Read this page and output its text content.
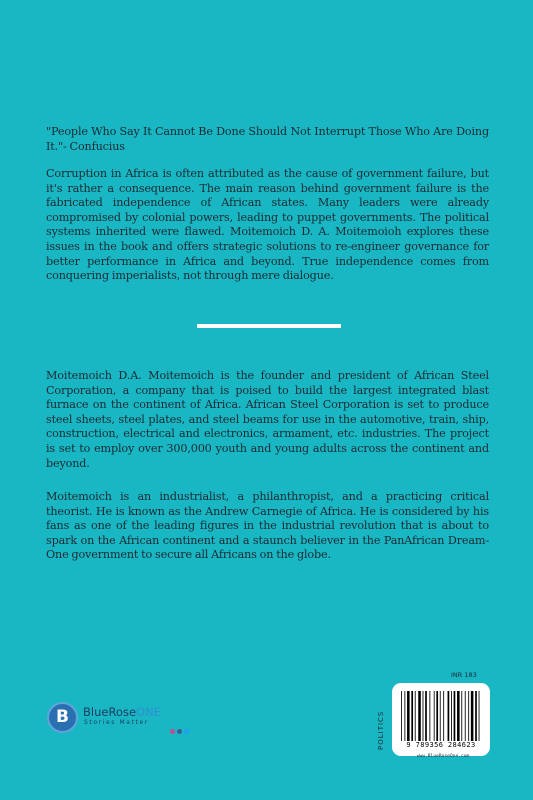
"People Who Say It Cannot Be Done Should Not Interrupt Those Who Are Doing It."- Confucius

Corruption in Africa is often attributed as the cause of government failure, but it's rather a consequence. The main reason behind government failure is the fabricated independence of African states. Many leaders were already compromised by colonial powers, leading to puppet governments. The political systems inherited were flawed. Moitemoich D. A. Moitemoioh explores these issues in the book and offers strategic solutions to re-engineer governance for better performance in Africa and beyond. True independence comes from conquering imperialists, not through mere dialogue.

Moitemoich D.A. Moitemoich is the founder and president of African Steel Corporation, a company that is poised to build the largest integrated blast furnace on the continent of Africa. African Steel Corporation is set to produce steel sheets, steel plates, and steel beams for use in the automotive, train, ship, construction, electrical and electronics, armament, etc. industries. The project is set to employ over 300,000 youth and young adults across the continent and beyond.

Moitemoich is an industrialist, a philanthropist, and a practicing critical theorist. He is known as the Andrew Carnegie of Africa. He is considered by his fans as one of the leading figures in the industrial revolution that is about to spark on the African continent and a staunch believer in the PanAfrican Dream-One government to secure all Africans on the globe.

B	BlueRoseONE
Stories Matter
INR 183
POLITICS	9 789356 284623
www.BlueRoseOne.com
